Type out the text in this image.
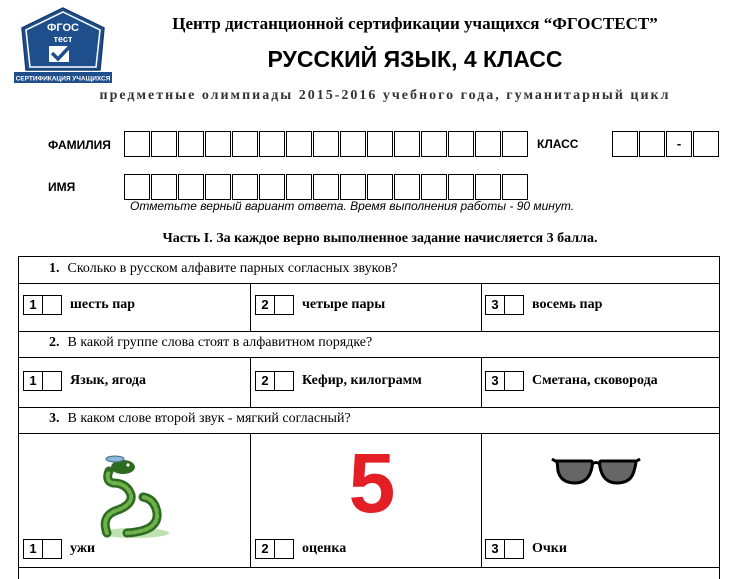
ФГОС
тест
СЕРТИФИКАЦИЯ УЧАЩИХСЯ
Центр дистанционной сертификации учащихся “ФГОСТЕСТ”
РУССКИЙ ЯЗЫК, 4 КЛАСС
предметные олимпиады 2015-2016 учебного года, гуманитарный цикл
ФАМИЛИЯ	КЛАСС	-
ИМЯ
Отметьте верный вариант ответа. Время выполнения работы - 90 минут.
Часть I. За каждое верно выполненное задание начисляется 3 балла.
1. Сколько в русском алфавите парных согласных звуков?
1	шесть пар	2	четыре пары	3	восемь пар
2. В какой группе слова стоят в алфавитном порядке?
1	Язык, ягода	2	Кефир, килограмм	3	Сметана, сковорода
3. В каком слове второй звук - мягкий согласный?
5
1	ужи	2	оценка	3	Очки
